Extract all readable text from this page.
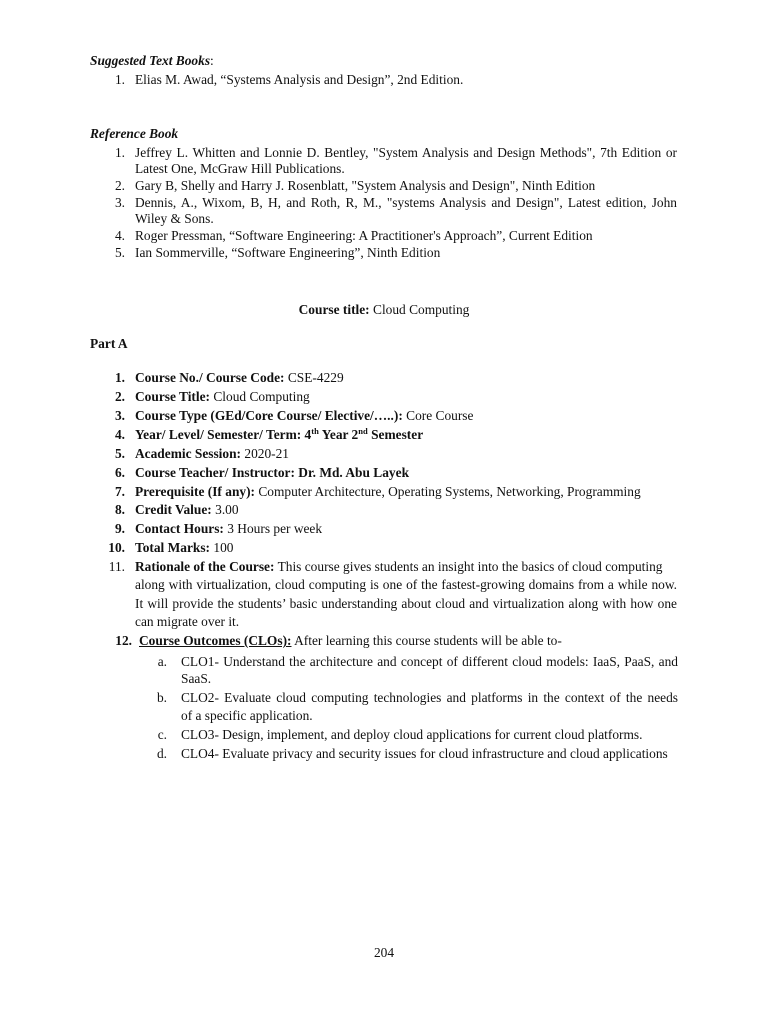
Suggested Text Books:
1. Elias M. Awad, “Systems Analysis and Design”, 2nd Edition.
Reference Book
1. Jeffrey L. Whitten and Lonnie D. Bentley, "System Analysis and Design Methods", 7th Edition or
Latest One, McGraw Hill Publications.
2. Gary B, Shelly and Harry J. Rosenblatt, "System Analysis and Design", Ninth Edition
3. Dennis, A., Wixom, B, H, and Roth, R, M., "systems Analysis and Design", Latest edition, John
Wiley & Sons.
4. Roger Pressman, “Software Engineering: A Practitioner's Approach”, Current Edition
5. Ian Sommerville, “Software Engineering”, Ninth Edition
Course title: Cloud Computing
Part A
1. Course No./ Course Code: CSE-4229
2. Course Title: Cloud Computing
3. Course Type (GEd/Core Course/ Elective/…..): Core Course
4. Year/ Level/ Semester/ Term: 4th Year 2nd Semester
5. Academic Session: 2020-21
6. Course Teacher/ Instructor: Dr. Md. Abu Layek
7. Prerequisite (If any): Computer Architecture, Operating Systems, Networking, Programming
8. Credit Value: 3.00
9. Contact Hours: 3 Hours per week
10. Total Marks: 100
11. Rationale of the Course: This course gives students an insight into the basics of cloud computing
along with virtualization, cloud computing is one of the fastest-growing domains from a while now.
It will provide the students’ basic understanding about cloud and virtualization along with how one
can migrate over it.
12. Course Outcomes (CLOs): After learning this course students will be able to-
a. CLO1- Understand the architecture and concept of different cloud models: IaaS, PaaS, and
SaaS.
b. CLO2- Evaluate cloud computing technologies and platforms in the context of the needs
of a specific application.
c. CLO3- Design, implement, and deploy cloud applications for current cloud platforms.
d. CLO4- Evaluate privacy and security issues for cloud infrastructure and cloud applications
204
